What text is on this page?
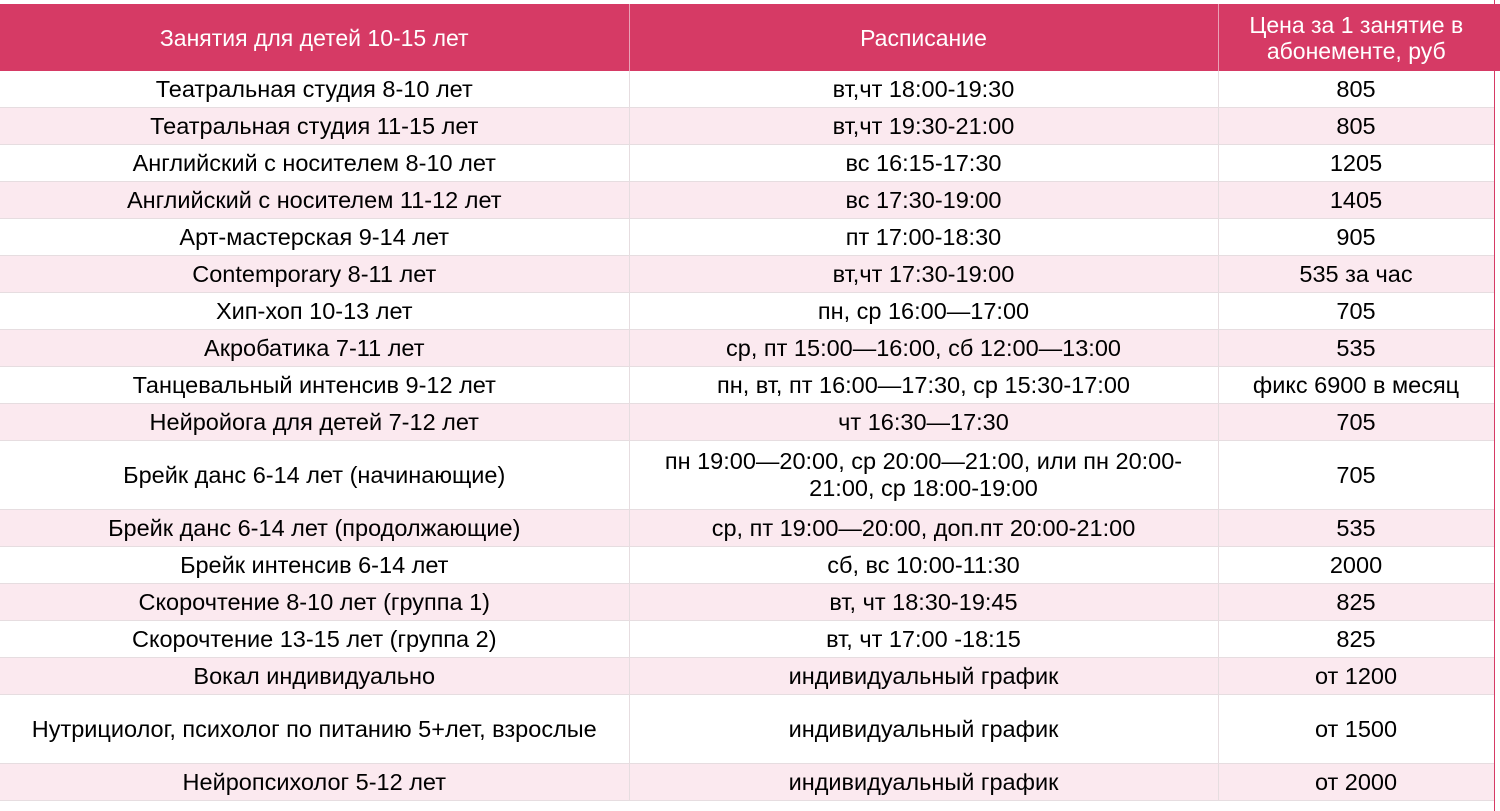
Занятия для детей 10-15 лет	Расписание	Цена за 1 занятие в абонементе, руб
Театральная студия 8-10 лет	вт,чт 18:00-19:30	805
Театральная студия 11-15 лет	вт,чт 19:30-21:00	805
Английский с носителем 8-10 лет	вс 16:15-17:30	1205
Английский с носителем 11-12 лет	вс 17:30-19:00	1405
Арт-мастерская 9-14 лет	пт 17:00-18:30	905
Contemporary 8-11 лет	вт,чт 17:30-19:00	535 за час
Хип-хоп 10-13 лет	пн, ср 16:00—17:00	705
Акробатика 7-11 лет	ср, пт 15:00—16:00, сб 12:00—13:00	535
Танцевальный интенсив 9-12 лет	пн, вт, пт 16:00—17:30, ср 15:30-17:00	фикс 6900 в месяц
Нейройога для детей 7-12 лет	чт 16:30—17:30	705
Брейк данс 6-14 лет (начинающие)	пн 19:00—20:00, ср 20:00—21:00, или пн 20:00-21:00, ср 18:00-19:00	705
Брейк данс 6-14 лет (продолжающие)	ср, пт 19:00—20:00, доп.пт 20:00-21:00	535
Брейк интенсив 6-14 лет	сб, вс 10:00-11:30	2000
Скорочтение 8-10 лет (группа 1)	вт, чт 18:30-19:45	825
Скорочтение 13-15 лет (группа 2)	вт, чт 17:00 -18:15	825
Вокал индивидуально	индивидуальный график	от 1200
Нутрициолог, психолог по питанию 5+лет, взрослые	индивидуальный график	от 1500
Нейропсихолог 5-12 лет	индивидуальный график	от 2000
